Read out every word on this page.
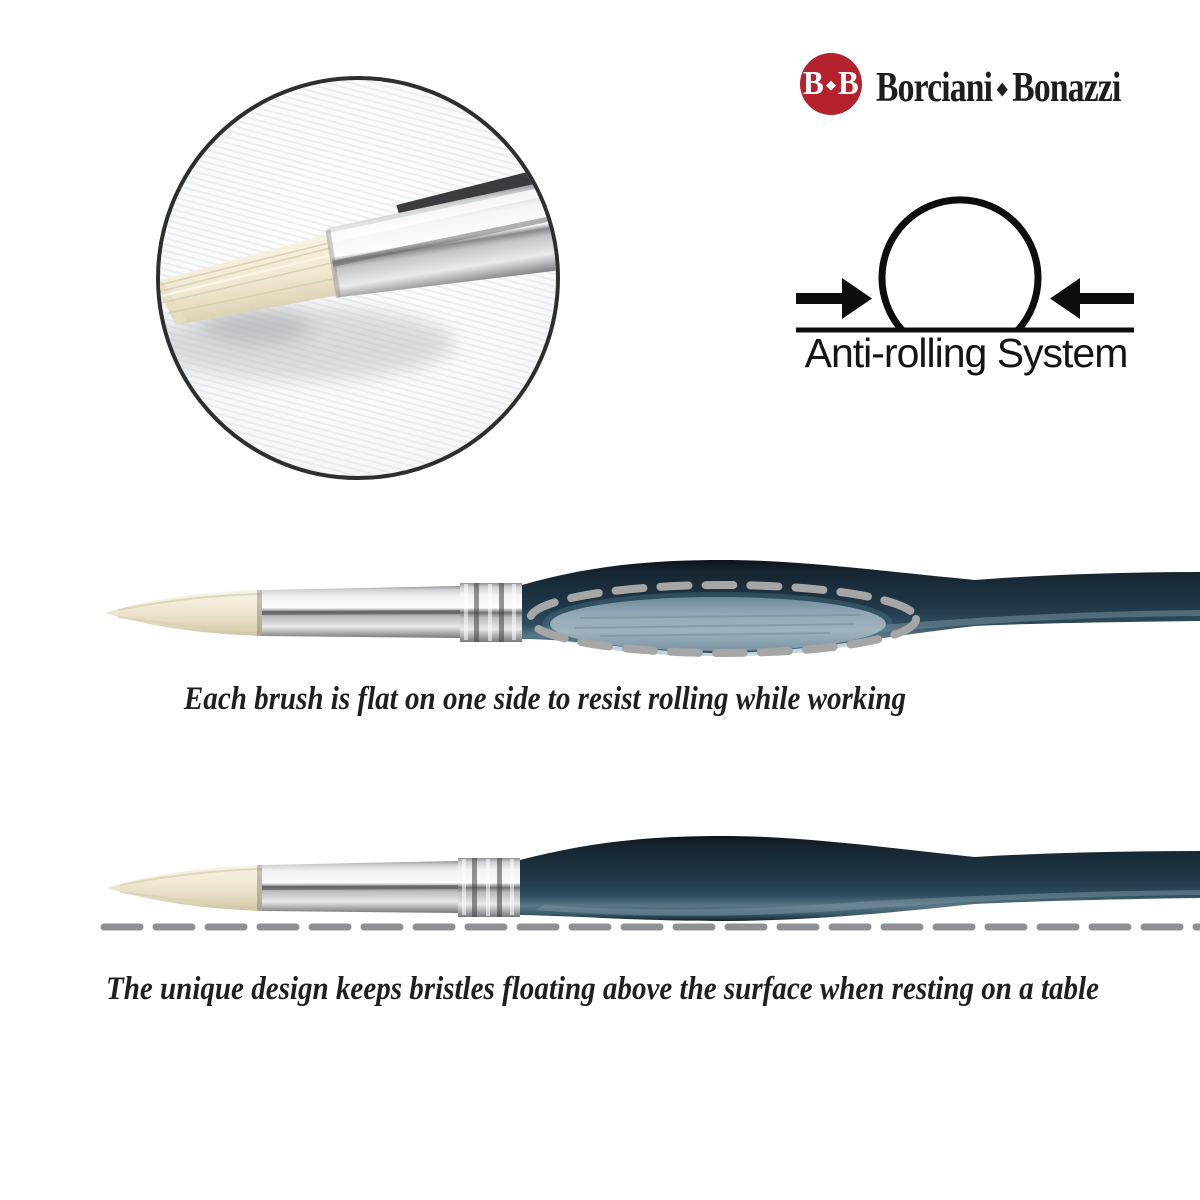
B ◆ B Borciani ◆ Bonazzi
Anti-rolling System
Each brush is flat on one side to resist rolling while working
The unique design keeps bristles floating above the surface when resting on a table
